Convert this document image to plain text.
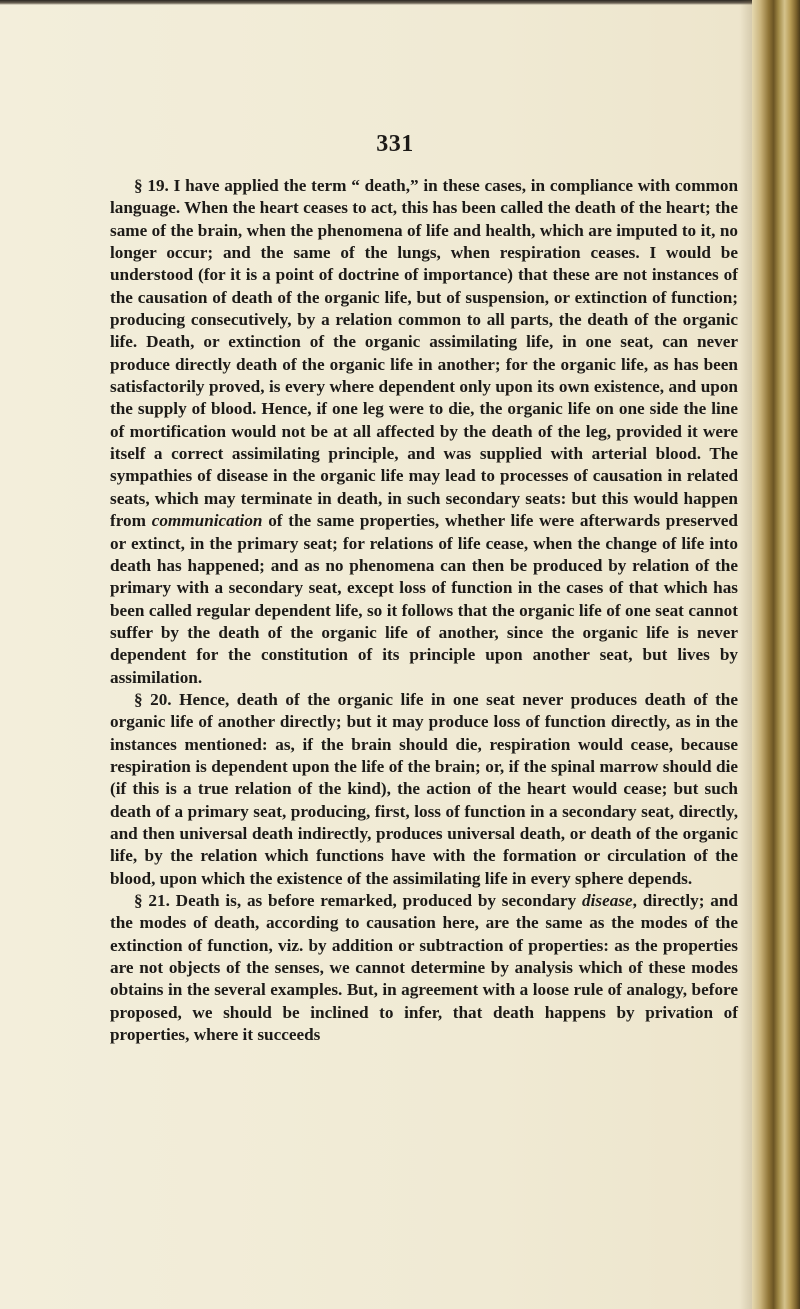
331

§ 19. I have applied the term “ death,” in these cases, in compliance with common language. When the heart ceases to act, this has been called the death of the heart; the same of the brain, when the phenomena of life and health, which are imputed to it, no longer occur; and the same of the lungs, when respiration ceases. I would be understood (for it is a point of doctrine of importance) that these are not instances of the causation of death of the organic life, but of suspension, or extinction of function; producing consecutively, by a relation common to all parts, the death of the organic life. Death, or extinction of the organic assimilating life, in one seat, can never produce directly death of the organic life in another; for the organic life, as has been satisfactorily proved, is every where dependent only upon its own existence, and upon the supply of blood. Hence, if one leg were to die, the organic life on one side the line of mortification would not be at all affected by the death of the leg, provided it were itself a correct assimilating principle, and was supplied with arterial blood. The sympathies of disease in the organic life may lead to processes of causation in related seats, which may terminate in death, in such secondary seats: but this would happen from communication of the same properties, whether life were afterwards preserved or extinct, in the primary seat; for relations of life cease, when the change of life into death has happened; and as no phenomena can then be produced by relation of the primary with a secondary seat, except loss of function in the cases of that which has been called regular dependent life, so it follows that the organic life of one seat cannot suffer by the death of the organic life of another, since the organic life is never dependent for the constitution of its principle upon another seat, but lives by assimilation.

§ 20. Hence, death of the organic life in one seat never produces death of the organic life of another directly; but it may produce loss of function directly, as in the instances mentioned: as, if the brain should die, respiration would cease, because respiration is dependent upon the life of the brain; or, if the spinal marrow should die (if this is a true relation of the kind), the action of the heart would cease; but such death of a primary seat, producing, first, loss of function in a secondary seat, directly, and then universal death indirectly, produces universal death, or death of the organic life, by the relation which functions have with the formation or circulation of the blood, upon which the existence of the assimilating life in every sphere depends.

§ 21. Death is, as before remarked, produced by secondary disease, directly; and the modes of death, according to causation here, are the same as the modes of the extinction of function, viz. by addition or subtraction of properties: as the properties are not objects of the senses, we cannot determine by analysis which of these modes obtains in the several examples. But, in agreement with a loose rule of analogy, before proposed, we should be inclined to infer, that death happens by privation of properties, where it succeeds
